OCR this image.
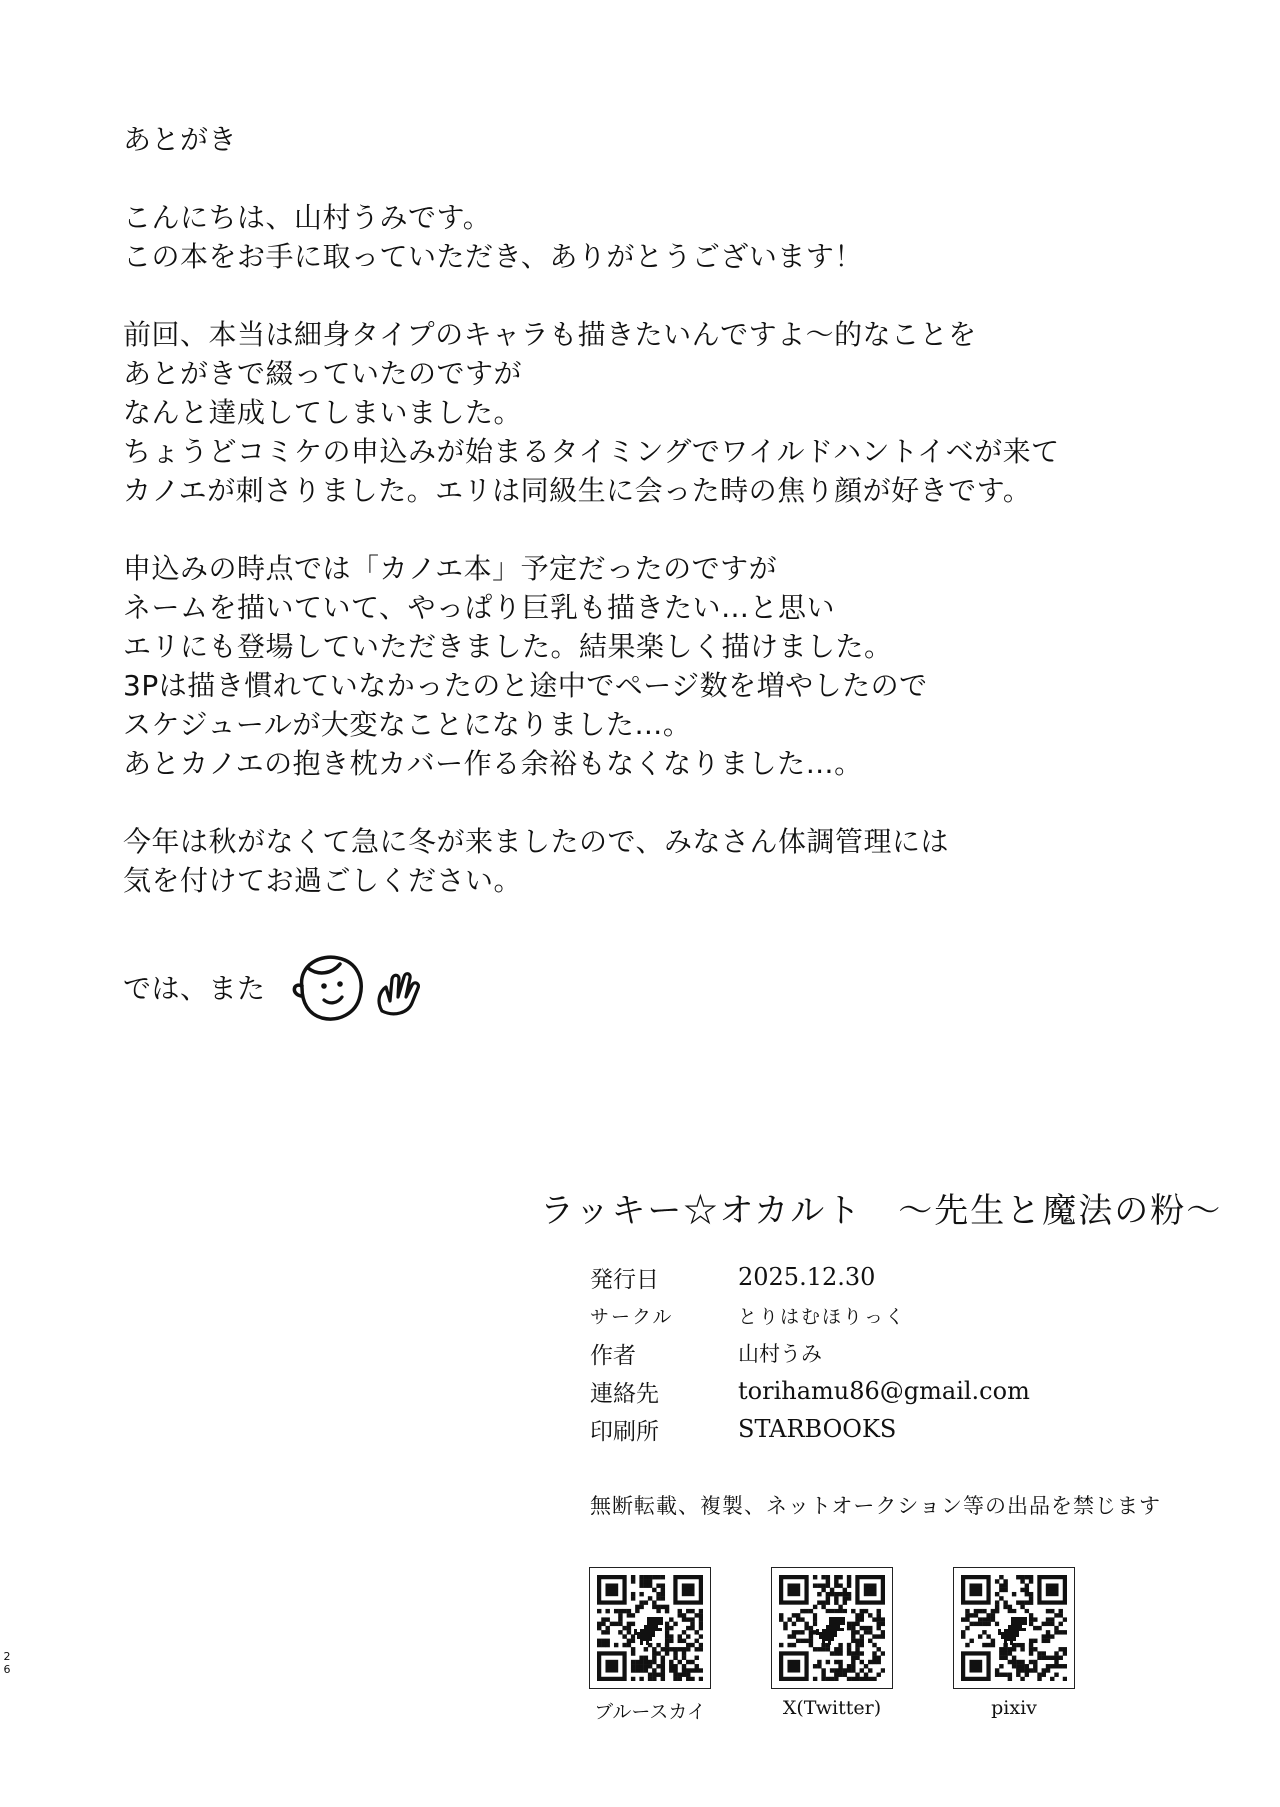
あとがき

こんにちは、山村うみです。

この本をお手に取っていただき、ありがとうございます！

前回、本当は細身タイプのキャラも描きたいんですよ〜的なことを

あとがきで綴っていたのですが

なんと達成してしまいました。

ちょうどコミケの申込みが始まるタイミングでワイルドハントイベが来て

カノエが刺さりました。エリは同級生に会った時の焦り顔が好きです。

申込みの時点では「カノエ本」予定だったのですが

ネームを描いていて、やっぱり巨乳も描きたい…と思い

エリにも登場していただきました。結果楽しく描けました。

3Pは描き慣れていなかったのと途中でページ数を増やしたので

スケジュールが大変なことになりました…。

あとカノエの抱き枕カバー作る余裕もなくなりました…。

今年は秋がなくて急に冬が来ましたので、みなさん体調管理には

気を付けてお過ごしください。

では、また
ラッキー☆オカルト　〜先生と魔法の粉〜
発行日	2025.12.30
サークル	とりはむほりっく
作者	山村うみ
連絡先	torihamu86@gmail.com
印刷所	STARBOOKS
無断転載、複製、ネットオークション等の出品を禁じます
ブルースカイ	X(Twitter)	pixiv
26
